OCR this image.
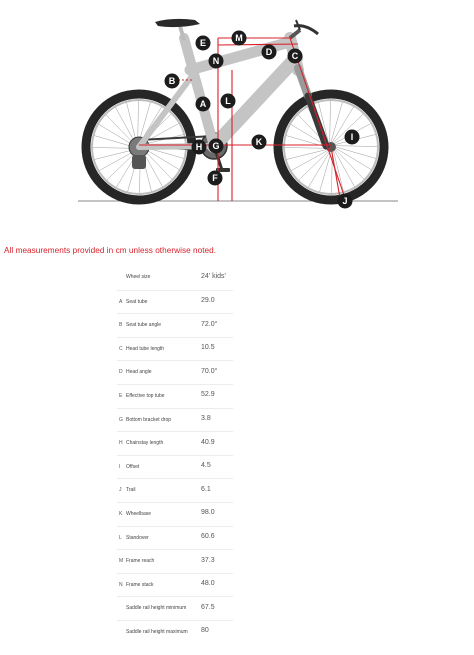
E	M
D C
N
B
A L
K	I
H G
F
J
All measurements provided in cm unless otherwise noted.
Wheel size	24' kids'
A Seat tube	29.0
B Seat tube angle	72.0°
C Head tube length	10.5
D Head angle	70.0°
E Effective top tube	52.9
G Bottom bracket drop	3.8
H Chainstay length	40.9
I Offset	4.5
J Trail	6.1
K Wheelbase	98.0
L Standover	60.6
M Frame reach	37.3
N Frame stack	48.0
Saddle rail height minimum 67.5
Saddle rail height maximum 80
